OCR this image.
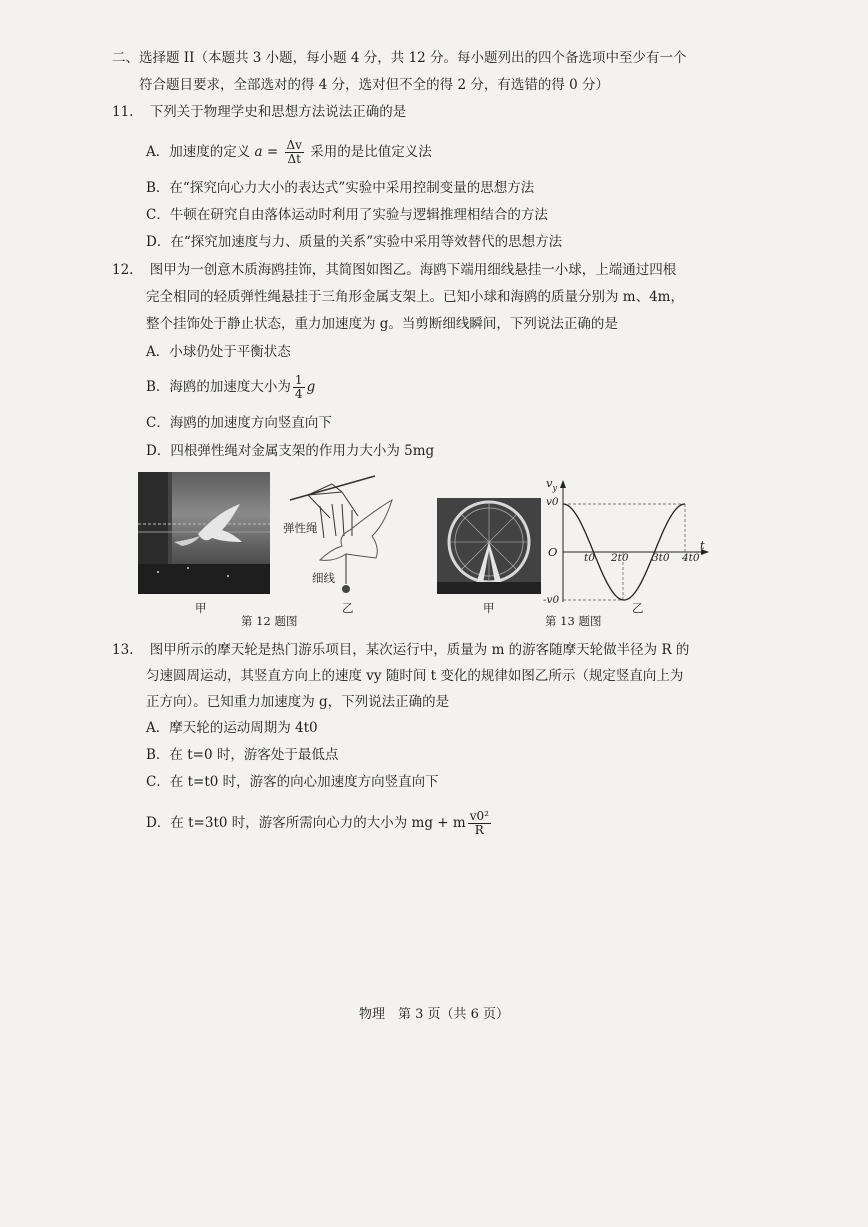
二、选择题 II（本题共 3 小题，每小题 4 分，共 12 分。每小题列出的四个备选项中至少有一个
符合题目要求，全部选对的得 4 分，选对但不全的得 2 分，有选错的得 0 分）
11. 下列关于物理学史和思想方法说法正确的是
A．加速度的定义 $a = \frac{\Delta v}{\Delta t}$ 采用的是比值定义法
B．在“探究向心力大小的表达式”实验中采用控制变量的思想方法
C．牛顿在研究自由落体运动时利用了实验与逻辑推理相结合的方法
D．在“探究加速度与力、质量的关系”实验中采用等效替代的思想方法
12. 图甲为一创意木质海鸥挂饰，其简图如图乙。海鸥下端用细线悬挂一小球，上端通过四根
完全相同的轻质弹性绳悬挂于三角形金属支架上。已知小球和海鸥的质量分别为 m、4m，
整个挂饰处于静止状态，重力加速度为 g。当剪断细线瞬间，下列说法正确的是
A．小球仍处于平衡状态
B．海鸥的加速度大小为 $\frac{1}{4}$ g
C．海鸥的加速度方向竖直向下
D．四根弹性绳对金属支架的作用力大小为 5mg
甲
弹性绳
细线
乙
第 12 题图
甲
$v_y$
v0
O
-v0
t
t0 2t0 3t0 4t0
乙
第 13 题图
13. 图甲所示的摩天轮是热门游乐项目，某次运行中，质量为 m 的游客随摩天轮做半径为 R 的
匀速圆周运动，其竖直方向上的速度 vy 随时间 t 变化的规律如图乙所示（规定竖直向上为
正方向）。已知重力加速度为 g，下列说法正确的是
A．摩天轮的运动周期为 4t0
B．在 t=0 时，游客处于最低点
C．在 t=t0 时，游客的向心加速度方向竖直向下
D．在 t=3t0 时，游客所需向心力的大小为 mg + m $\frac{\text{v0²}}{R}$
物理　第 3 页（共 6 页）
